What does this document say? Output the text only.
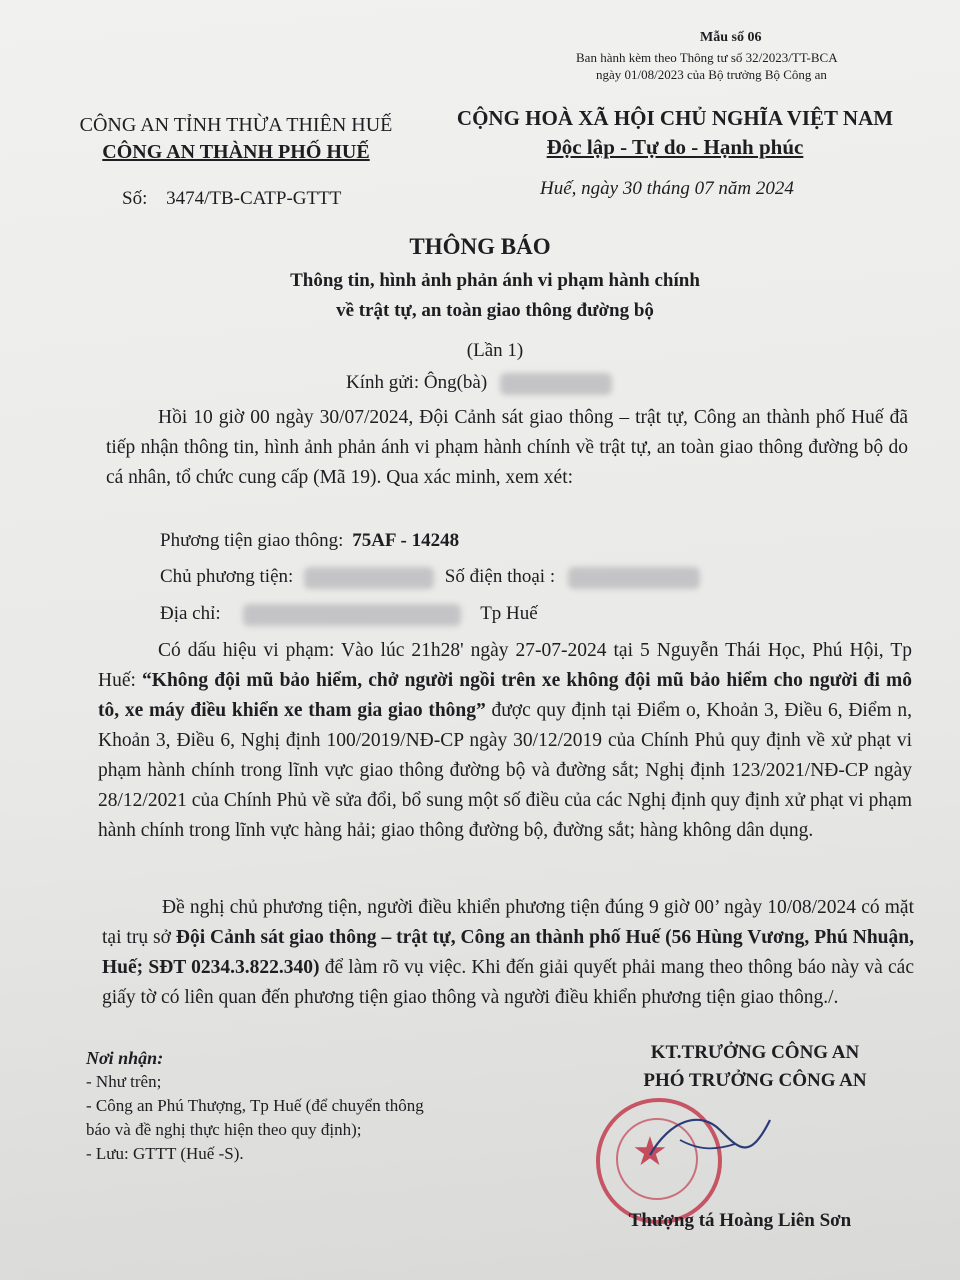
Mẫu số 06
Ban hành kèm theo Thông tư số 32/2023/TT-BCA
ngày 01/08/2023 của Bộ trưởng Bộ Công an
CÔNG AN TỈNH THỪA THIÊN HUẾ
CÔNG AN THÀNH PHỐ HUẾ
Số: 3474/TB-CATP-GTTT
CỘNG HOÀ XÃ HỘI CHỦ NGHĨA VIỆT NAM
Độc lập - Tự do - Hạnh phúc
Huế, ngày 30 tháng 07 năm 2024
THÔNG BÁO
Thông tin, hình ảnh phản ánh vi phạm hành chính
về trật tự, an toàn giao thông đường bộ
(Lần 1)
Kính gửi: Ông(bà)
Hồi 10 giờ 00 ngày 30/07/2024, Đội Cảnh sát giao thông – trật tự, Công an thành phố Huế đã tiếp nhận thông tin, hình ảnh phản ánh vi phạm hành chính về trật tự, an toàn giao thông đường bộ do cá nhân, tổ chức cung cấp (Mã 19). Qua xác minh, xem xét:
Phương tiện giao thông: 75AF - 14248
Chủ phương tiện:	Số điện thoại :
Địa chỉ:	Tp Huế
Có dấu hiệu vi phạm: Vào lúc 21h28' ngày 27-07-2024 tại 5 Nguyễn Thái Học, Phú Hội, Tp Huế: “Không đội mũ bảo hiểm, chở người ngồi trên xe không đội mũ bảo hiểm cho người đi mô tô, xe máy điều khiển xe tham gia giao thông” được quy định tại Điểm o, Khoản 3, Điều 6, Điểm n, Khoản 3, Điều 6, Nghị định 100/2019/NĐ-CP ngày 30/12/2019 của Chính Phủ quy định về xử phạt vi phạm hành chính trong lĩnh vực giao thông đường bộ và đường sắt; Nghị định 123/2021/NĐ-CP ngày 28/12/2021 của Chính Phủ về sửa đổi, bổ sung một số điều của các Nghị định quy định xử phạt vi phạm hành chính trong lĩnh vực hàng hải; giao thông đường bộ, đường sắt; hàng không dân dụng.
Đề nghị chủ phương tiện, người điều khiển phương tiện đúng 9 giờ 00’ ngày 10/08/2024 có mặt tại trụ sở Đội Cảnh sát giao thông – trật tự, Công an thành phố Huế (56 Hùng Vương, Phú Nhuận, Huế; SĐT 0234.3.822.340) để làm rõ vụ việc. Khi đến giải quyết phải mang theo thông báo này và các giấy tờ có liên quan đến phương tiện giao thông và người điều khiển phương tiện giao thông./.
Nơi nhận:
- Như trên;
- Công an Phú Thượng, Tp Huế (để chuyển thông
báo và đề nghị thực hiện theo quy định);
- Lưu: GTTT (Huế -S).
KT.TRƯỞNG CÔNG AN
PHÓ TRƯỞNG CÔNG AN
★
Thượng tá Hoàng Liên Sơn
